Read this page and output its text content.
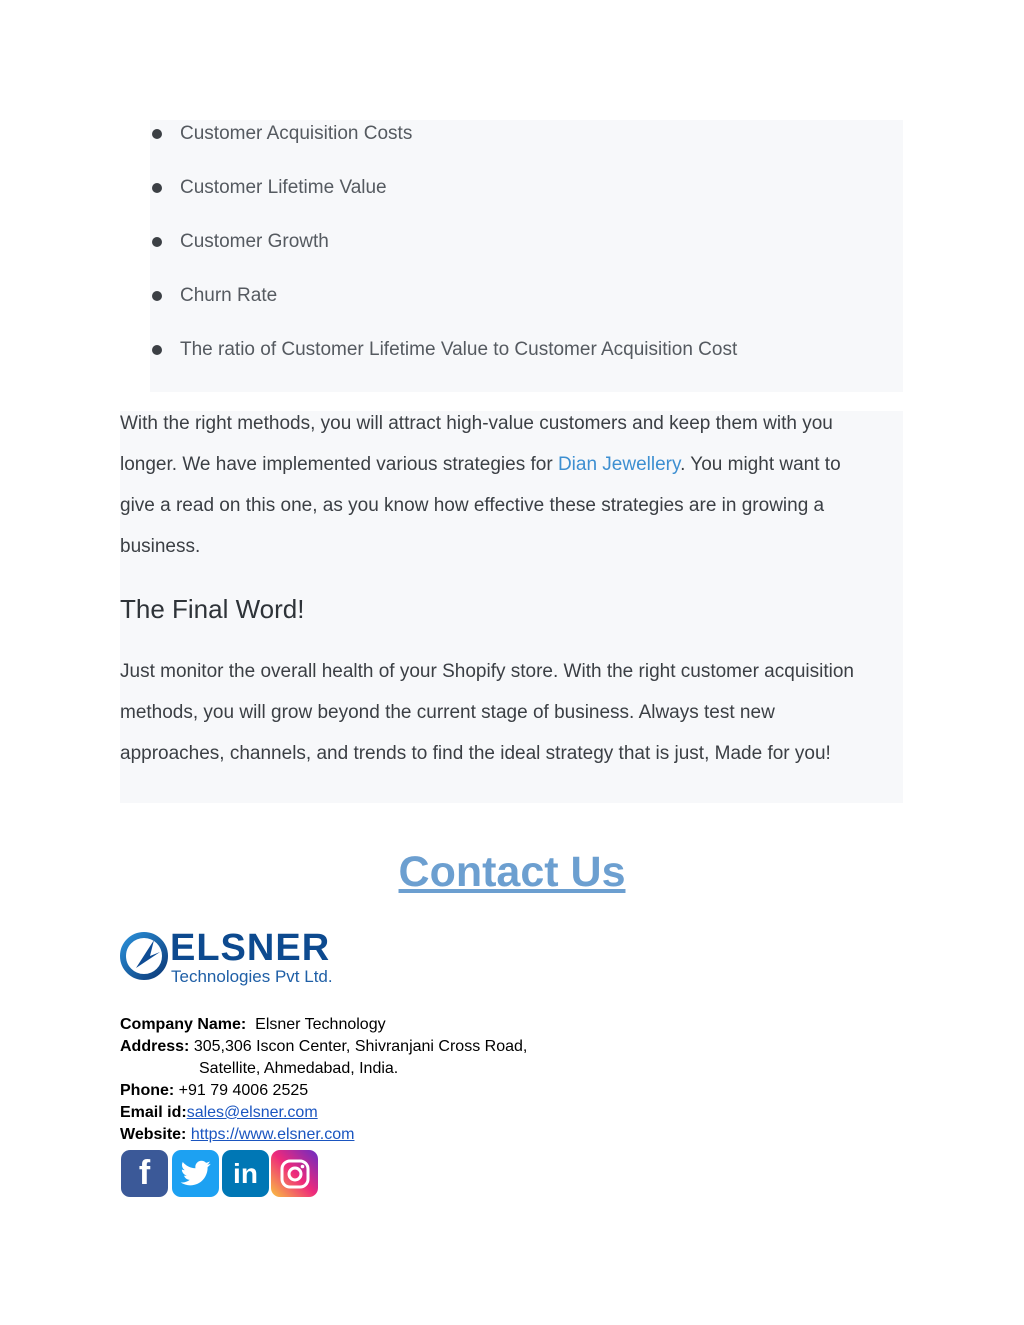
Customer Acquisition Costs
Customer Lifetime Value
Customer Growth
Churn Rate
The ratio of Customer Lifetime Value to Customer Acquisition Cost
With the right methods, you will attract high-value customers and keep them with you
longer. We have implemented various strategies for Dian Jewellery. You might want to
give a read on this one, as you know how effective these strategies are in growing a
business.
The Final Word!
Just monitor the overall health of your Shopify store. With the right customer acquisition
methods, you will grow beyond the current stage of business. Always test new
approaches, channels, and trends to find the ideal strategy that is just, Made for you!
Contact Us
ELSNER
Technologies Pvt Ltd.
Company Name: Elsner Technology
Address: 305,306 Iscon Center, Shivranjani Cross Road,
Satellite, Ahmedabad, India.
Phone: +91 79 4006 2525
Email id:sales@elsner.com
Website: https://www.elsner.com
f	in
